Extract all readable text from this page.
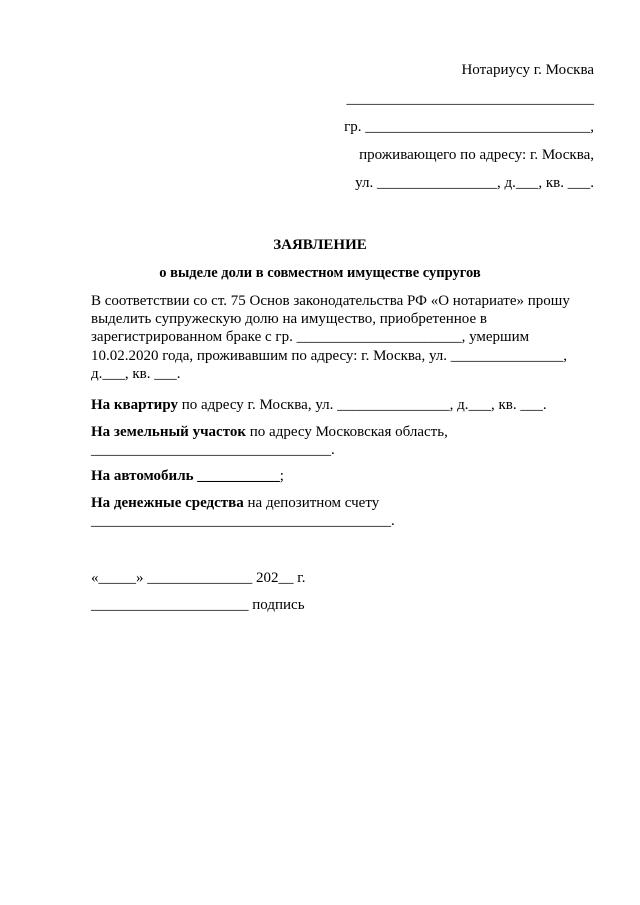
Нотариусу г. Москва
_________________________________
гр. ______________________________,
проживающего по адресу: г. Москва,
ул. ________________, д.___, кв. ___.
ЗАЯВЛЕНИЕ
о выделе доли в совместном имуществе супругов
В соответствии со ст. 75 Основ законодательства РФ «О нотариате» прошу
выделить супружескую долю на имущество, приобретенное в
зарегистрированном браке с гр. ______________________, умершим
10.02.2020 года, проживавшим по адресу: г. Москва, ул. _______________,
д.___, кв. ___.
На квартиру по адресу г. Москва, ул. _______________, д.___, кв. ___.
На земельный участок по адресу Московская область,
________________________________.
На автомобиль ___________;
На денежные средства на депозитном счету
________________________________________.
«_____» ______________ 202__ г.
_____________________ подпись
